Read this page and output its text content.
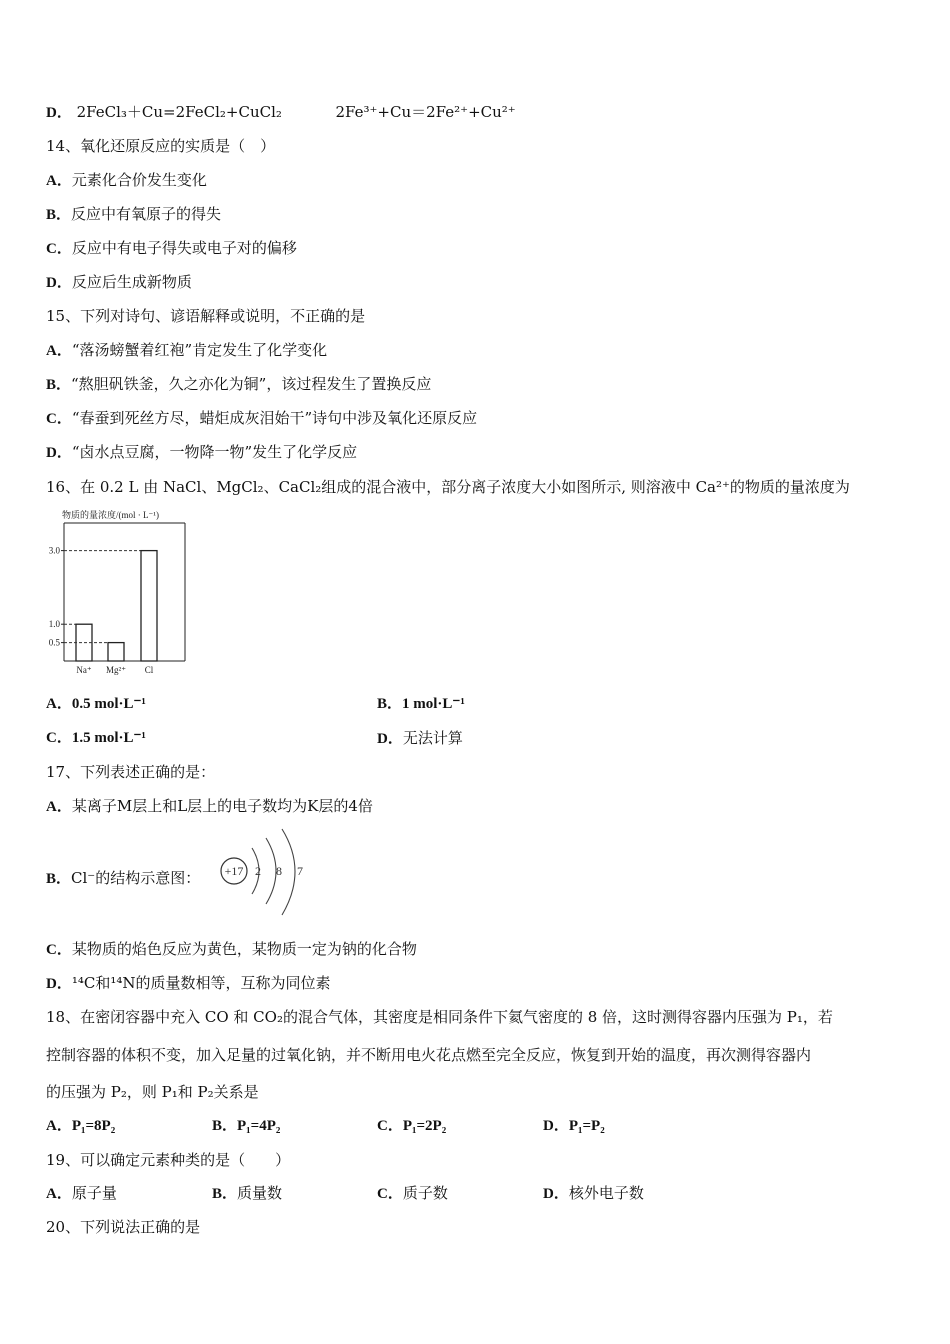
D． 2FeCl₃＋Cu=2FeCl₂+CuCl₂	2Fe³⁺+Cu＝2Fe²⁺+Cu²⁺
14、氧化还原反应的实质是（　）
A．元素化合价发生变化
B．反应中有氧原子的得失
C．反应中有电子得失或电子对的偏移
D．反应后生成新物质
15、下列对诗句、谚语解释或说明，不正确的是
A．“落汤螃蟹着红袍”肯定发生了化学变化
B．“熬胆矾铁釜，久之亦化为铜”，该过程发生了置换反应
C．“春蚕到死丝方尽，蜡炬成灰泪始干”诗句中涉及氧化还原反应
D．“卤水点豆腐，一物降一物”发生了化学反应
16、在 0.2 L 由 NaCl、MgCl₂、CaCl₂组成的混合液中，部分离子浓度大小如图所示, 则溶液中 Ca²⁺的物质的量浓度为
物质的量浓度/(mol · L⁻¹)
3.0
1.0
0.5
Na⁺ Mg²⁺ Cl
A．0.5 mol·L⁻¹	B．1 mol·L⁻¹
C．1.5 mol·L⁻¹	D．无法计算
17、下列表述正确的是：
A．某离子M层上和L层上的电子数均为K层的4倍
B．Cl⁻的结构示意图： +17 2 8 7
C．某物质的焰色反应为黄色，某物质一定为钠的化合物
D．¹⁴C和¹⁴N的质量数相等，互称为同位素
18、在密闭容器中充入 CO 和 CO₂的混合气体，其密度是相同条件下氦气密度的 8 倍，这时测得容器内压强为 P₁，若
控制容器的体积不变，加入足量的过氧化钠，并不断用电火花点燃至完全反应，恢复到开始的温度，再次测得容器内
的压强为 P₂，则 P₁和 P₂关系是
A．P₁=8P₂	B．P₁=4P₂	C．P₁=2P₂	D．P₁=P₂
19、可以确定元素种类的是（　　）
A．原子量	B．质量数	C．质子数	D．核外电子数
20、下列说法正确的是
